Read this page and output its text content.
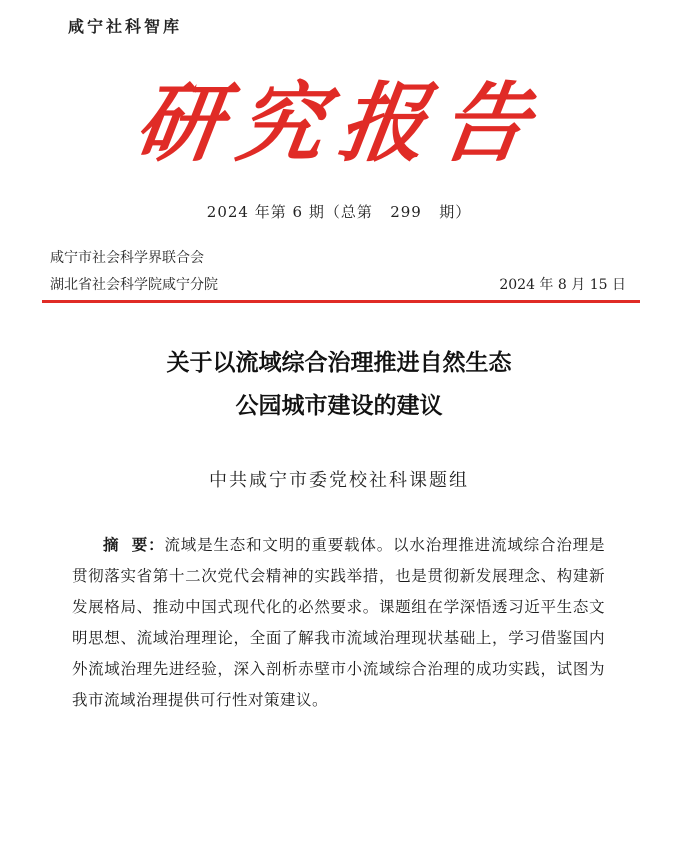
咸宁社科智库
研究报告
2024 年第 6 期（总第 299 期）
咸宁市社会科学界联合会
湖北省社会科学院咸宁分院	2024 年 8 月 15 日
关于以流域综合治理推进自然生态
公园城市建设的建议
中共咸宁市委党校社科课题组
摘  要：流域是生态和文明的重要载体。以水治理推进流域综合治理是贯彻落实省第十二次党代会精神的实践举措，也是贯彻新发展理念、构建新发展格局、推动中国式现代化的必然要求。课题组在学深悟透习近平生态文明思想、流域治理理论，全面了解我市流域治理现状基础上，学习借鉴国内外流域治理先进经验，深入剖析赤壁市小流域综合治理的成功实践，试图为我市流域治理提供可行性对策建议。
